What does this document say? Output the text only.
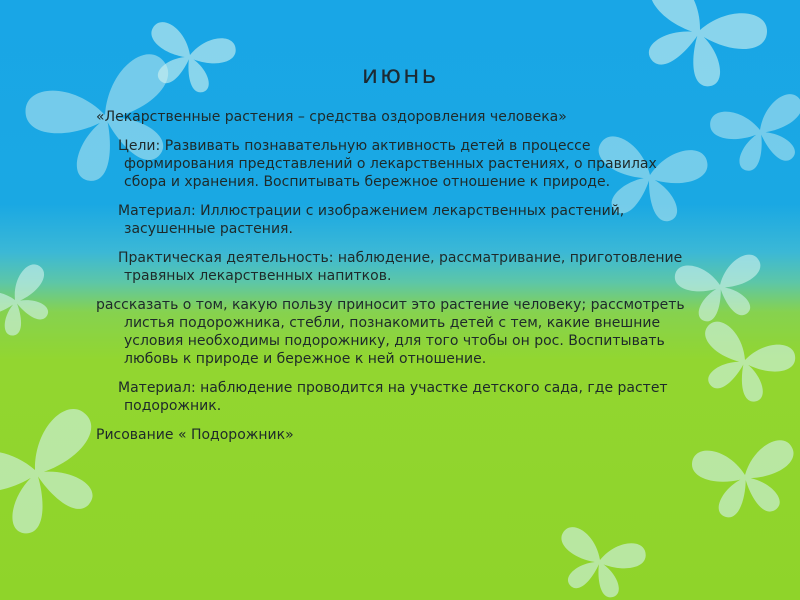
июнь

«Лекарственные растения – средства оздоровления человека»

Цели: Развивать познавательную активность детей в процессе формирования представлений о лекарственных растениях, о правилах сбора и хранения. Воспитывать бережное отношение к природе.

Материал: Иллюстрации с изображением лекарственных растений, засушенные растения.

Практическая деятельность: наблюдение, рассматривание, приготовление травяных лекарственных напитков.

рассказать о том, какую пользу приносит это растение человеку; рассмотреть листья подорожника, стебли, познакомить детей с тем, какие внешние условия необходимы подорожнику, для того чтобы он рос. Воспитывать любовь к природе и бережное к ней отношение.

Материал: наблюдение проводится на участке детского сада, где растет подорожник.

Рисование « Подорожник»
